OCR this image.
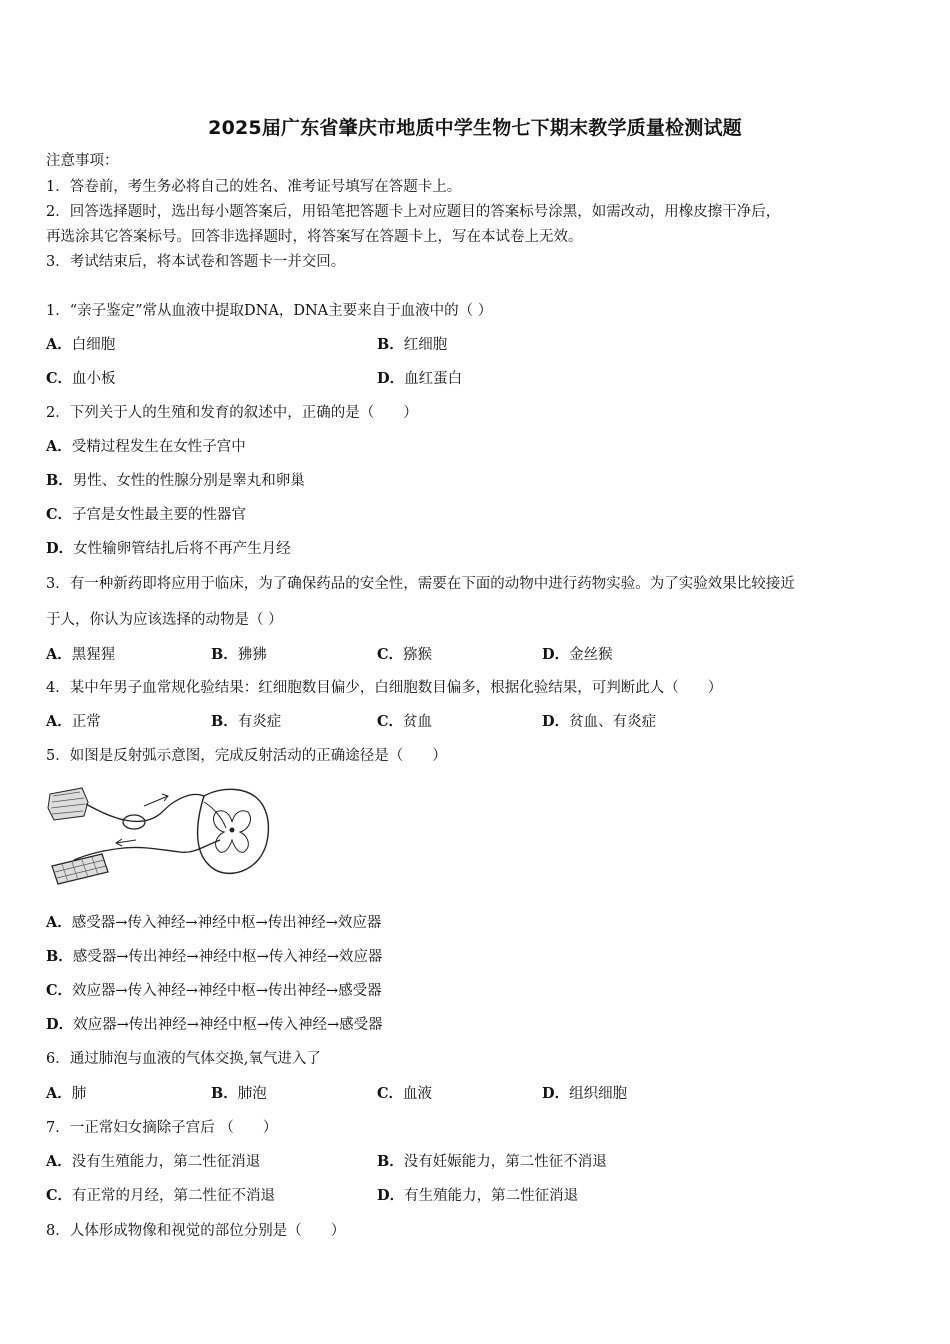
2025届广东省肇庆市地质中学生物七下期末教学质量检测试题
注意事项：
1．答卷前，考生务必将自己的姓名、准考证号填写在答题卡上。
2．回答选择题时，选出每小题答案后，用铅笔把答题卡上对应题目的答案标号涂黑，如需改动，用橡皮擦干净后，
再选涂其它答案标号。回答非选择题时，将答案写在答题卡上，写在本试卷上无效。
3．考试结束后，将本试卷和答题卡一并交回。
1．“亲子鉴定”常从血液中提取DNA，DNA主要来自于血液中的（ ）
A．白细胞	B．红细胞
C．血小板	D．血红蛋白
2．下列关于人的生殖和发育的叙述中，正确的是（　　）
A．受精过程发生在女性子宫中
B．男性、女性的性腺分别是睾丸和卵巢
C．子宫是女性最主要的性器官
D．女性输卵管结扎后将不再产生月经
3．有一种新药即将应用于临床，为了确保药品的安全性，需要在下面的动物中进行药物实验。为了实验效果比较接近
于人，你认为应该选择的动物是（ ）
A．黑猩猩	B．狒狒	C．猕猴	D．金丝猴
4．某中年男子血常规化验结果：红细胞数目偏少，白细胞数目偏多，根据化验结果，可判断此人（　　）
A．正常	B．有炎症	C．贫血	D．贫血、有炎症
5．如图是反射弧示意图，完成反射活动的正确途径是（　　）
A．感受器→传入神经→神经中枢→传出神经→效应器
B．感受器→传出神经→神经中枢→传入神经→效应器
C．效应器→传入神经→神经中枢→传出神经→感受器
D．效应器→传出神经→神经中枢→传入神经→感受器
6．通过肺泡与血液的气体交换,氧气进入了
A．肺	B．肺泡	C．血液	D．组织细胞
7．一正常妇女摘除子宫后 （　　）
A．没有生殖能力，第二性征消退	B．没有妊娠能力，第二性征不消退
C．有正常的月经，第二性征不消退	D．有生殖能力，第二性征消退
8．人体形成物像和视觉的部位分别是（　　）
